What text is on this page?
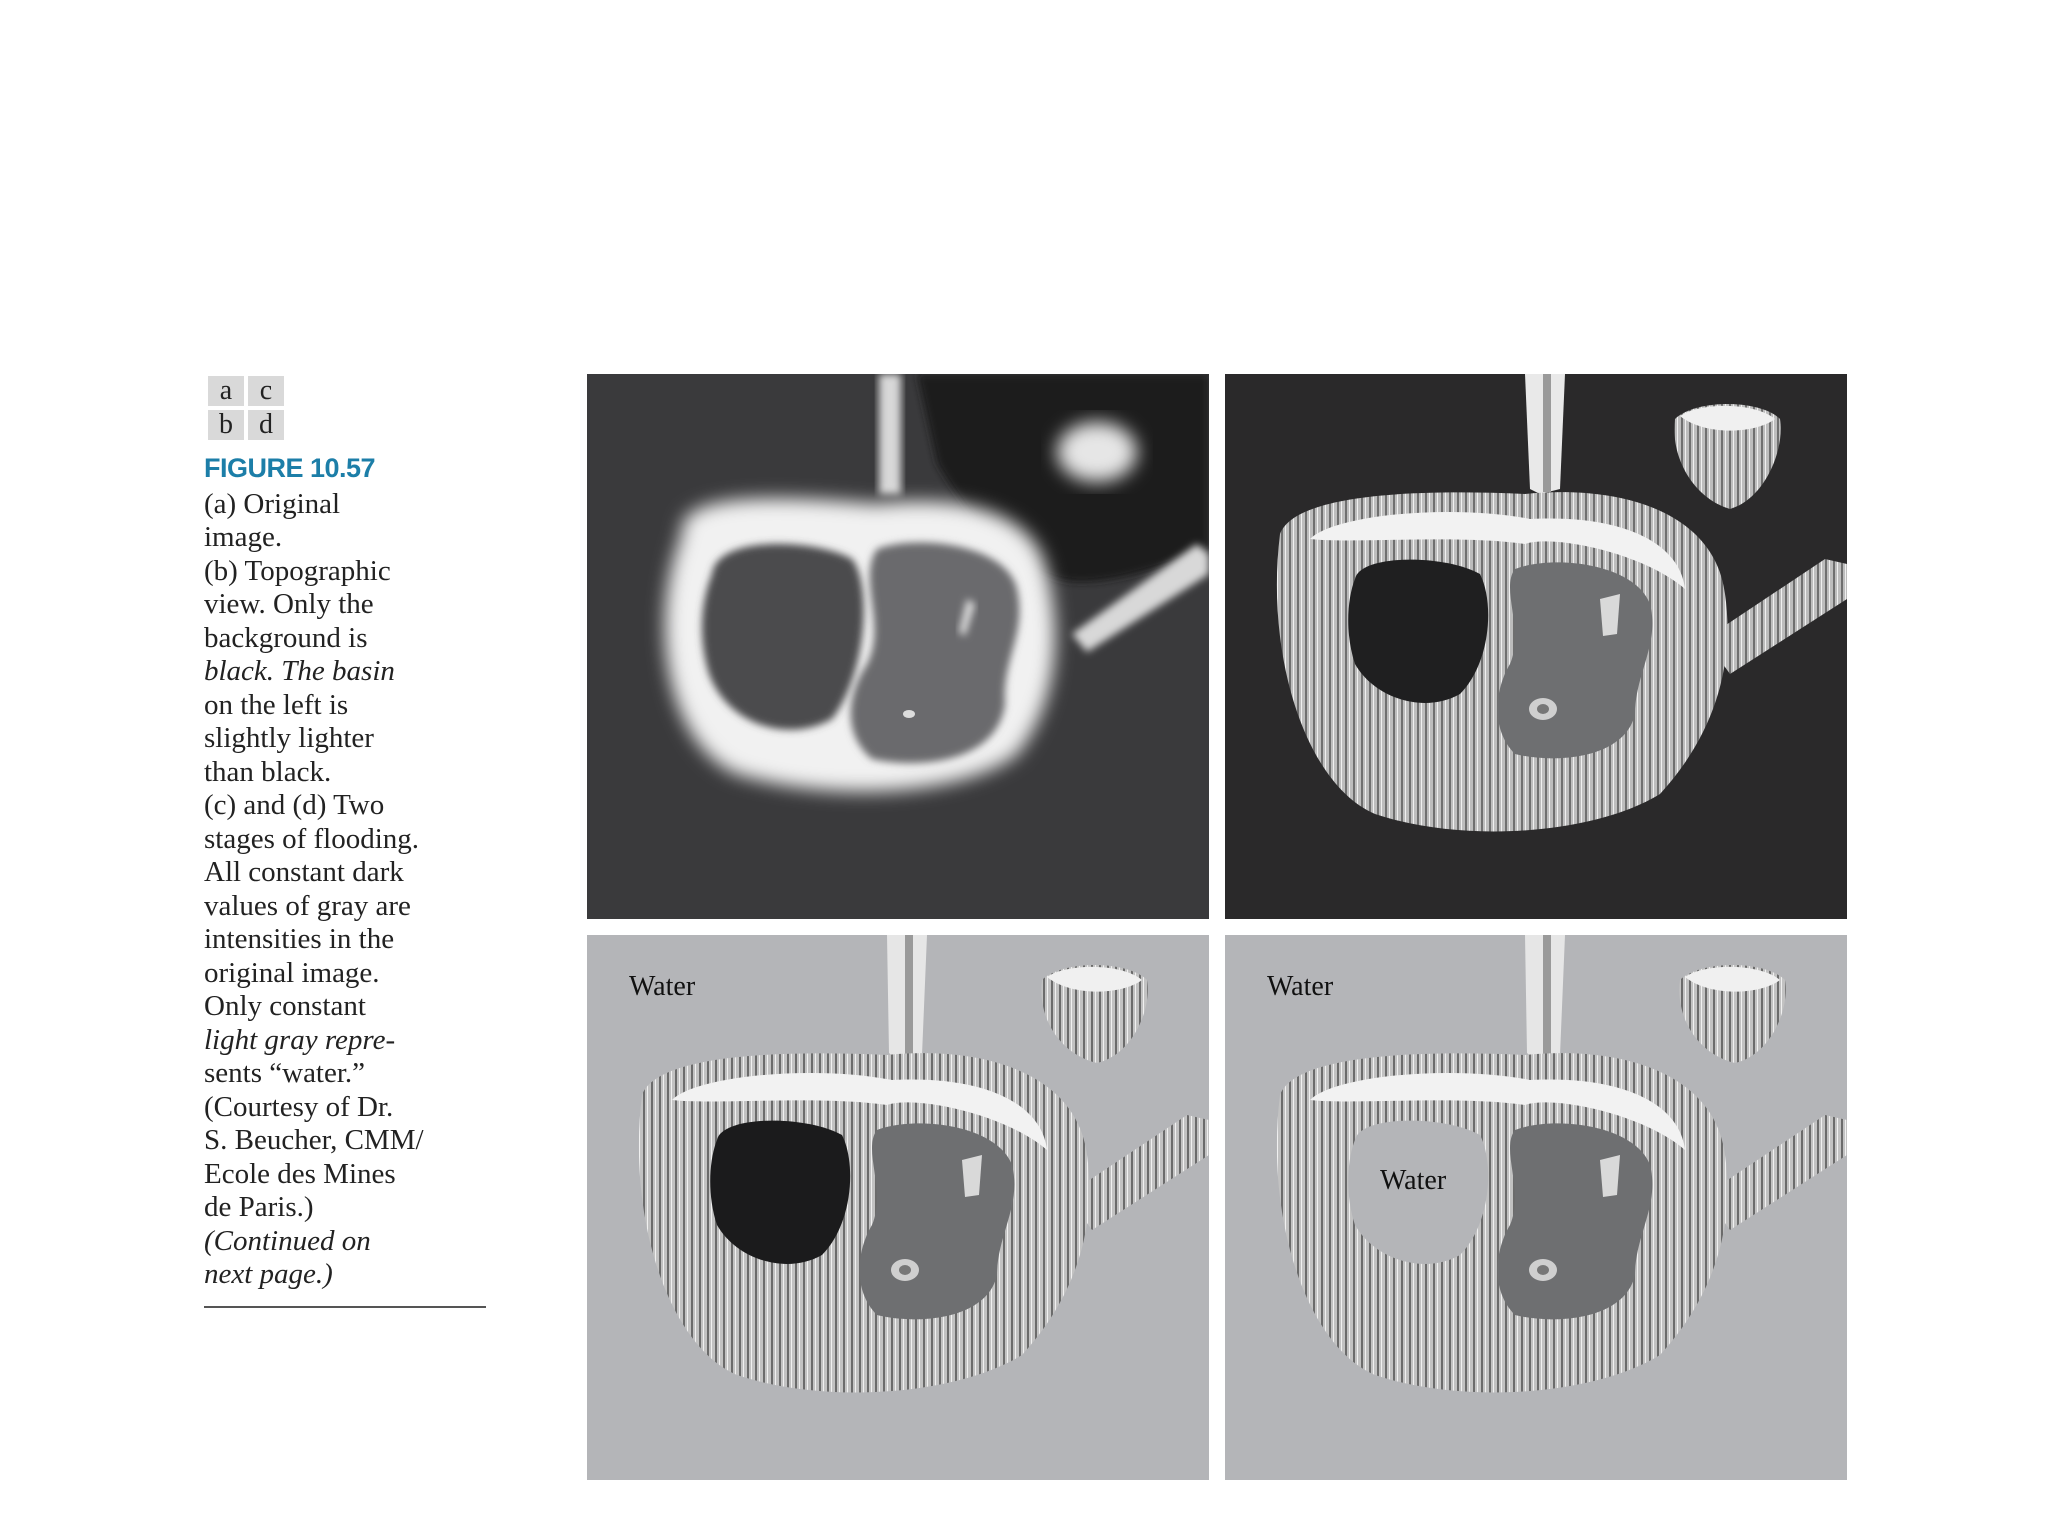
a c
b d
FIGURE 10.57
(a) Original
image.
(b) Topographic
view. Only the
background is
black. The basin
on the left is
slightly lighter
than black.
(c) and (d) Two
stages of flooding.
All constant dark
values of gray are
intensities in the
original image.
Only constant
light gray repre-
sents “water.”
(Courtesy of Dr.
S. Beucher, CMM/
Ecole des Mines
de Paris.)
(Continued on
next page.)
Water	Water
Water
